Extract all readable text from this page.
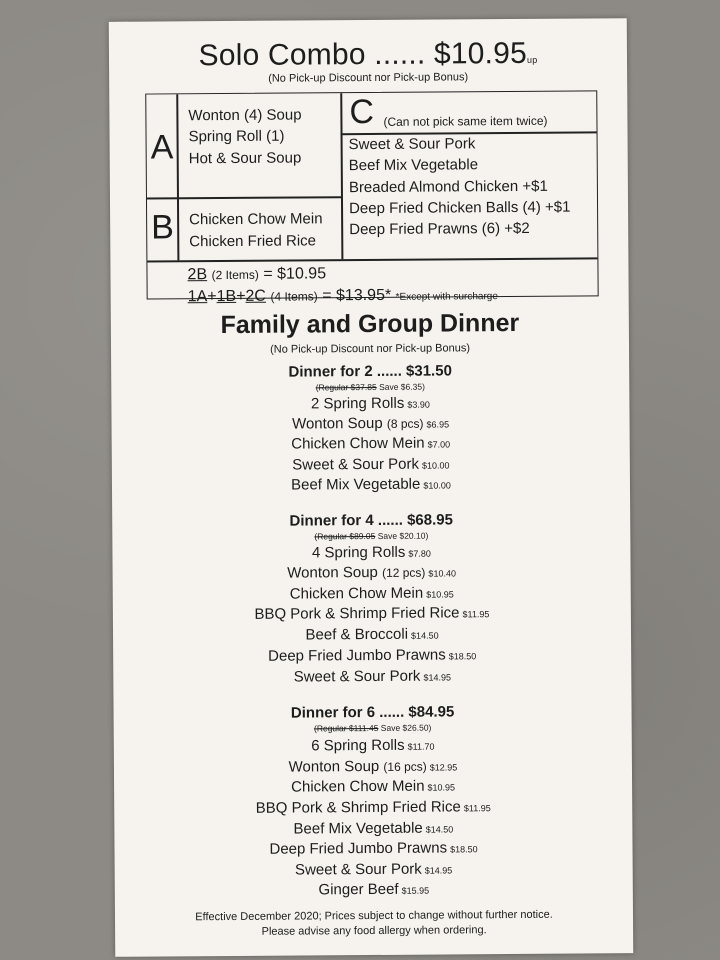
Solo Combo ...... $10.95up
(No Pick-up Discount nor Pick-up Bonus)
A
Wonton (4) Soup
Spring Roll (1)
Hot & Sour Soup
B Chicken Chow Mein
Chicken Fried Rice
C (Can not pick same item twice)
Sweet & Sour Pork
Beef Mix Vegetable
Breaded Almond Chicken +$1
Deep Fried Chicken Balls (4) +$1
Deep Fried Prawns (6) +$2
2B (2 Items) = $10.95
1A+1B+2C (4 Items) = $13.95* *Except with surcharge
Family and Group Dinner
(No Pick-up Discount nor Pick-up Bonus)
Dinner for 2 ...... $31.50
(Regular $37.85 Save $6.35)
2 Spring Rolls $3.90
Wonton Soup (8 pcs) $6.95
Chicken Chow Mein $7.00
Sweet & Sour Pork $10.00
Beef Mix Vegetable $10.00
Dinner for 4 ...... $68.95
(Regular $89.05 Save $20.10)
4 Spring Rolls $7.80
Wonton Soup (12 pcs) $10.40
Chicken Chow Mein $10.95
BBQ Pork & Shrimp Fried Rice $11.95
Beef & Broccoli $14.50
Deep Fried Jumbo Prawns $18.50
Sweet & Sour Pork $14.95
Dinner for 6 ...... $84.95
(Regular $111.45 Save $26.50)
6 Spring Rolls $11.70
Wonton Soup (16 pcs) $12.95
Chicken Chow Mein $10.95
BBQ Pork & Shrimp Fried Rice $11.95
Beef Mix Vegetable $14.50
Deep Fried Jumbo Prawns $18.50
Sweet & Sour Pork $14.95
Ginger Beef $15.95
Effective December 2020; Prices subject to change without further notice.
Please advise any food allergy when ordering.
